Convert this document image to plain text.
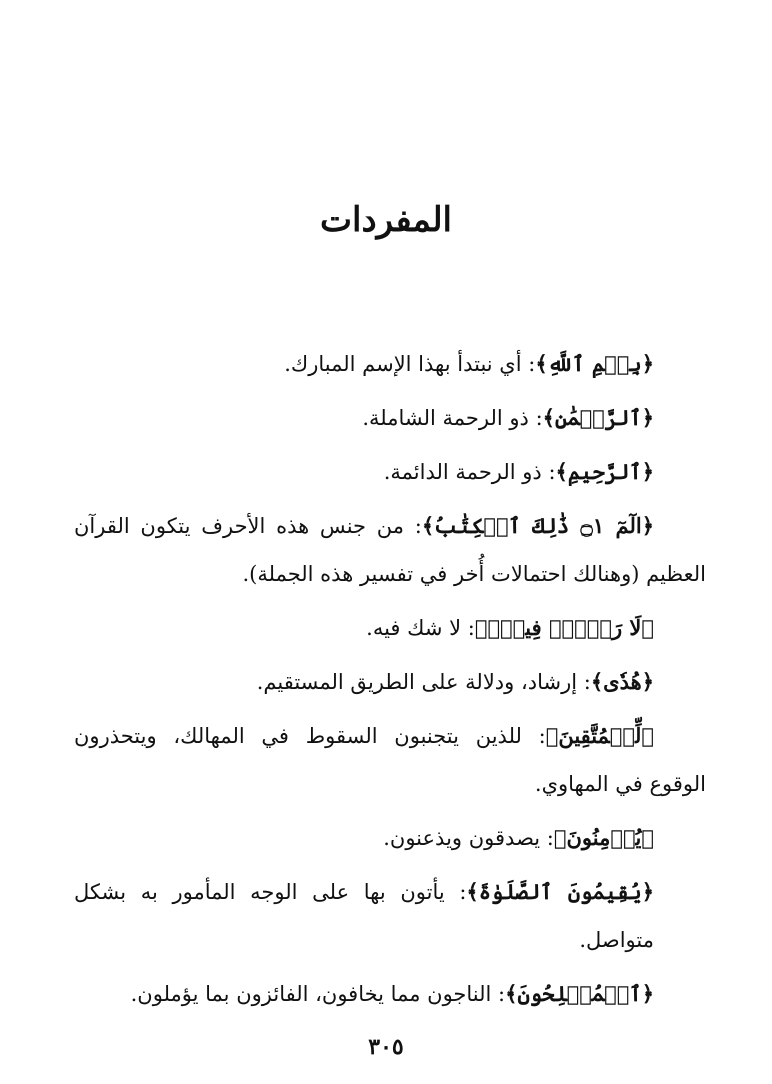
المفردات

﴿بِسۡمِ ٱللَّهِ﴾: أي نبتدأ بهذا الإسم المبارك.

﴿ٱلرَّحۡمَٰنِ﴾: ذو الرحمة الشاملة.

﴿ٱلرَّحِيمِ﴾: ذو الرحمة الدائمة.

﴿الٓمٓ ۝١ ذَٰلِكَ ٱلۡكِتَٰبُ﴾: من جنس هذه الأحرف يتكون القرآن العظيم (وهنالك احتمالات أُخر في تفسير هذه الجملة).

﴿لَا رَيۡبَۛ فِيهِۛ﴾: لا شك فيه.

﴿هُدٗى﴾: إرشاد، ودلالة على الطريق المستقيم.

﴿لِّلۡمُتَّقِينَ﴾: للذين يتجنبون السقوط في المهالك، ويتحذرون الوقوع في المهاوي.

﴿يُؤۡمِنُونَ﴾: يصدقون ويذعنون.

﴿يُقِيمُونَ ٱلصَّلَوٰةَ﴾: يأتون بها على الوجه المأمور به بشكل متواصل.

﴿ٱلۡمُفۡلِحُونَ﴾: الناجون مما يخافون، الفائزون بما يؤملون.

٣٠٥
